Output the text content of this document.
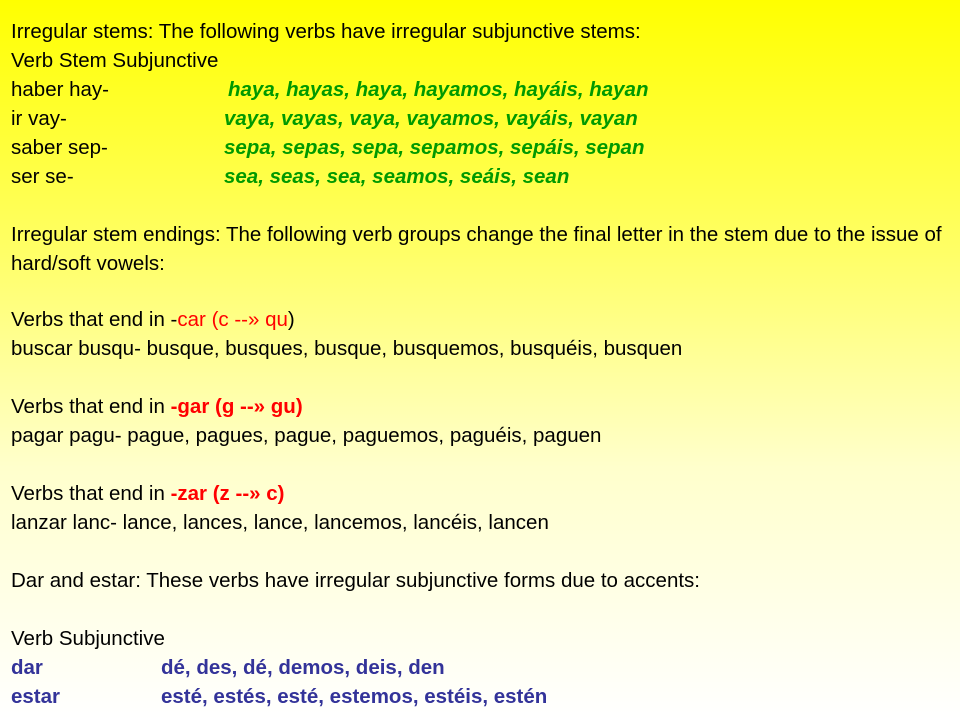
Irregular stems: The following verbs have irregular subjunctive stems:
Verb Stem Subjunctive
haber hay-	haya, hayas, haya, hayamos, hayáis, hayan
ir vay-	vaya, vayas, vaya, vayamos, vayáis, vayan
saber sep-	sepa, sepas, sepa, sepamos, sepáis, sepan
ser se-	sea, seas, sea, seamos, seáis, sean
Irregular stem endings: The following verb groups change the final letter in the stem due to the issue of hard/soft vowels:
Verbs that end in -car (c --» qu)
buscar busqu- busque, busques, busque, busquemos, busquéis, busquen
Verbs that end in -gar (g --» gu)
pagar pagu- pague, pagues, pague, paguemos, paguéis, paguen
Verbs that end in -zar (z --» c)
lanzar lanc- lance, lances, lance, lancemos, lancéis, lancen
Dar and estar: These verbs have irregular subjunctive forms due to accents:
Verb Subjunctive
dar	dé, des, dé, demos, deis, den
estar	esté, estés, esté, estemos, estéis, estén
